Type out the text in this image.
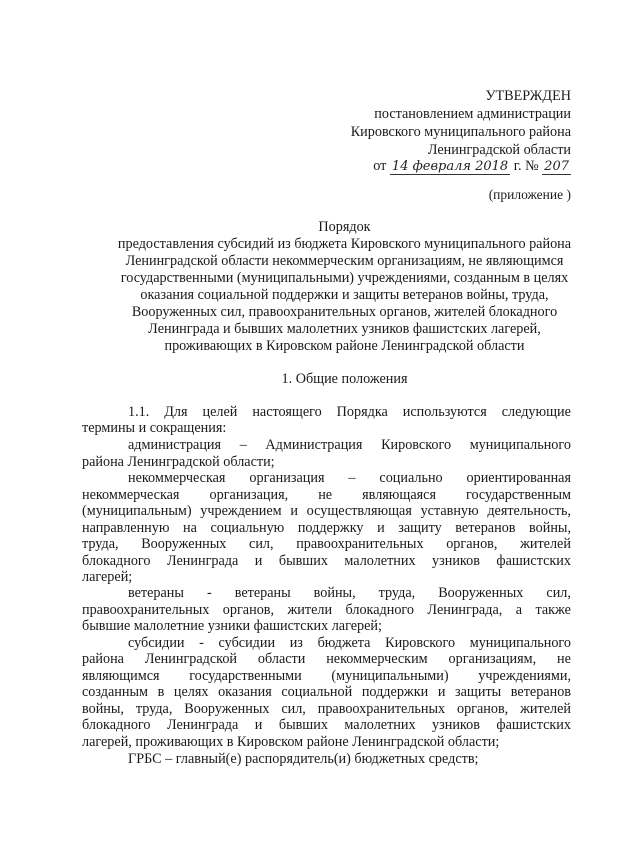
УТВЕРЖДЕН
постановлением администрации
Кировского муниципального района
Ленинградской области
от 14 февраля 2018 г. № 207
(приложение )
Порядок
предоставления субсидий из бюджета Кировского муниципального района
Ленинградской области некоммерческим организациям, не являющимся
государственными (муниципальными) учреждениями, созданным в целях
оказания социальной поддержки и защиты ветеранов войны, труда,
Вооруженных сил, правоохранительных органов, жителей блокадного
Ленинграда и бывших малолетних узников фашистских лагерей,
проживающих в Кировском районе Ленинградской области
1. Общие положения
1.1. Для целей настоящего Порядка используются следующие
термины и сокращения:
администрация – Администрация Кировского муниципального
района Ленинградской области;
некоммерческая организация – социально ориентированная
некоммерческая организация, не являющаяся государственным
(муниципальным) учреждением и осуществляющая уставную деятельность,
направленную на социальную поддержку и защиту ветеранов войны,
труда, Вооруженных сил, правоохранительных органов, жителей
блокадного Ленинграда и бывших малолетних узников фашистских
лагерей;
ветераны - ветераны войны, труда, Вооруженных сил,
правоохранительных органов, жители блокадного Ленинграда, а также
бывшие малолетние узники фашистских лагерей;
субсидии - субсидии из бюджета Кировского муниципального
района Ленинградской области некоммерческим организациям, не
являющимся государственными (муниципальными) учреждениями,
созданным в целях оказания социальной поддержки и защиты ветеранов
войны, труда, Вооруженных сил, правоохранительных органов, жителей
блокадного Ленинграда и бывших малолетних узников фашистских
лагерей, проживающих в Кировском районе Ленинградской области;
ГРБС – главный(е) распорядитель(и) бюджетных средств;
